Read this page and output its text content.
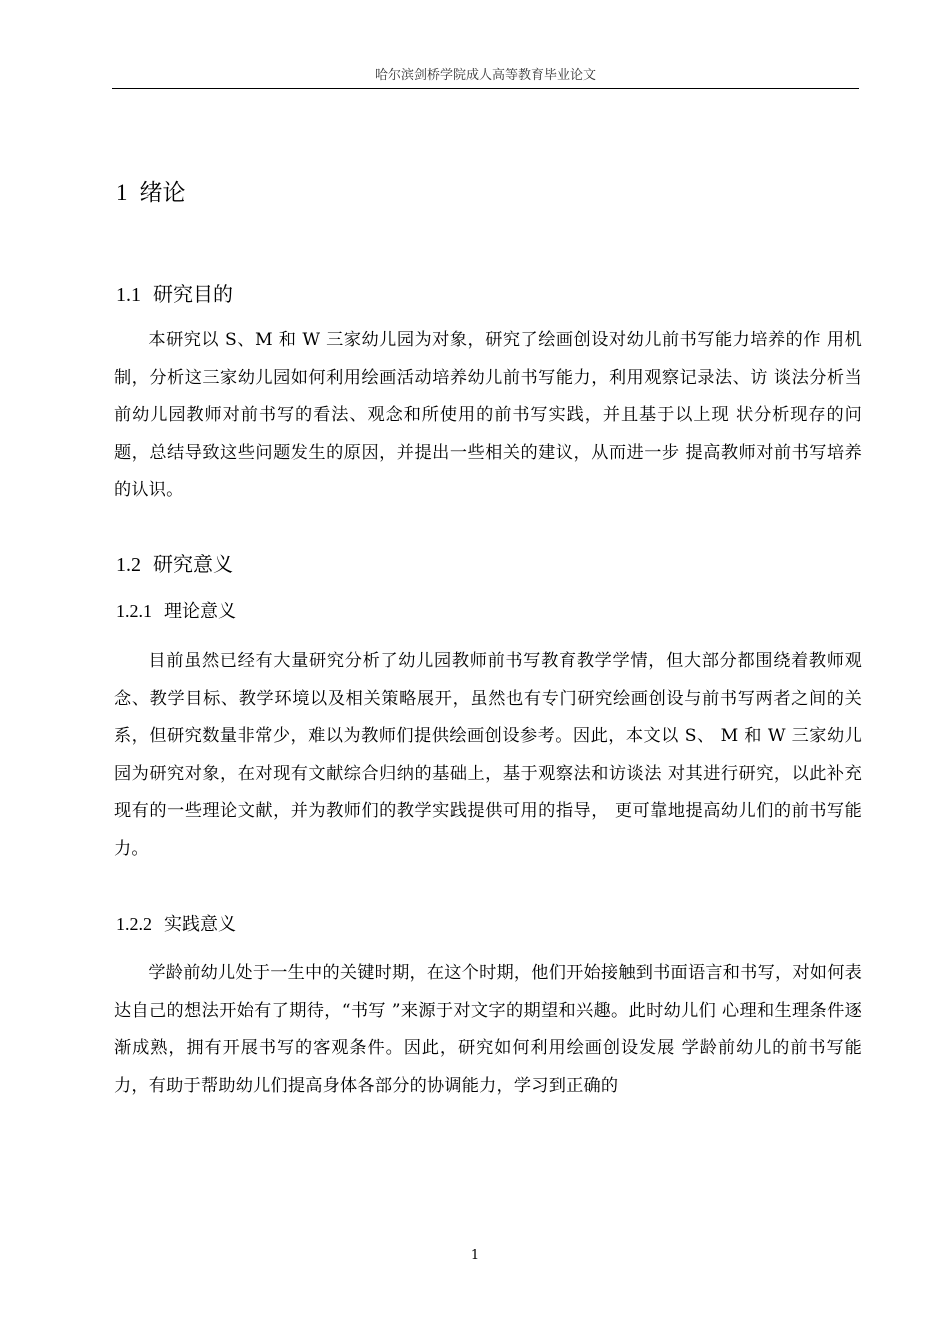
哈尔滨剑桥学院成人高等教育毕业论文
1 绪论
1.1 研究目的

本研究以 S、M 和 W 三家幼儿园为对象，研究了绘画创设对幼儿前书写能力培养的作 用机制，分析这三家幼儿园如何利用绘画活动培养幼儿前书写能力，利用观察记录法、访 谈法分析当前幼儿园教师对前书写的看法、观念和所使用的前书写实践，并且基于以上现 状分析现存的问题，总结导致这些问题发生的原因，并提出一些相关的建议，从而进一步 提高教师对前书写培养的认识。

1.2 研究意义
1.2.1 理论意义

目前虽然已经有大量研究分析了幼儿园教师前书写教育教学学情，但大部分都围绕着教师观念、教学目标、教学环境以及相关策略展开，虽然也有专门研究绘画创设与前书写两者之间的关系，但研究数量非常少，难以为教师们提供绘画创设参考。因此，本文以 S、 M 和 W 三家幼儿园为研究对象，在对现有文献综合归纳的基础上，基于观察法和访谈法 对其进行研究，以此补充现有的一些理论文献，并为教师们的教学实践提供可用的指导， 更可靠地提高幼儿们的前书写能力。

1.2.2 实践意义

学龄前幼儿处于一生中的关键时期，在这个时期，他们开始接触到书面语言和书写，对如何表达自己的想法开始有了期待，“书写 ”来源于对文字的期望和兴趣。此时幼儿们 心理和生理条件逐渐成熟，拥有开展书写的客观条件。因此，研究如何利用绘画创设发展 学龄前幼儿的前书写能力，有助于帮助幼儿们提高身体各部分的协调能力，学习到正确的

1
